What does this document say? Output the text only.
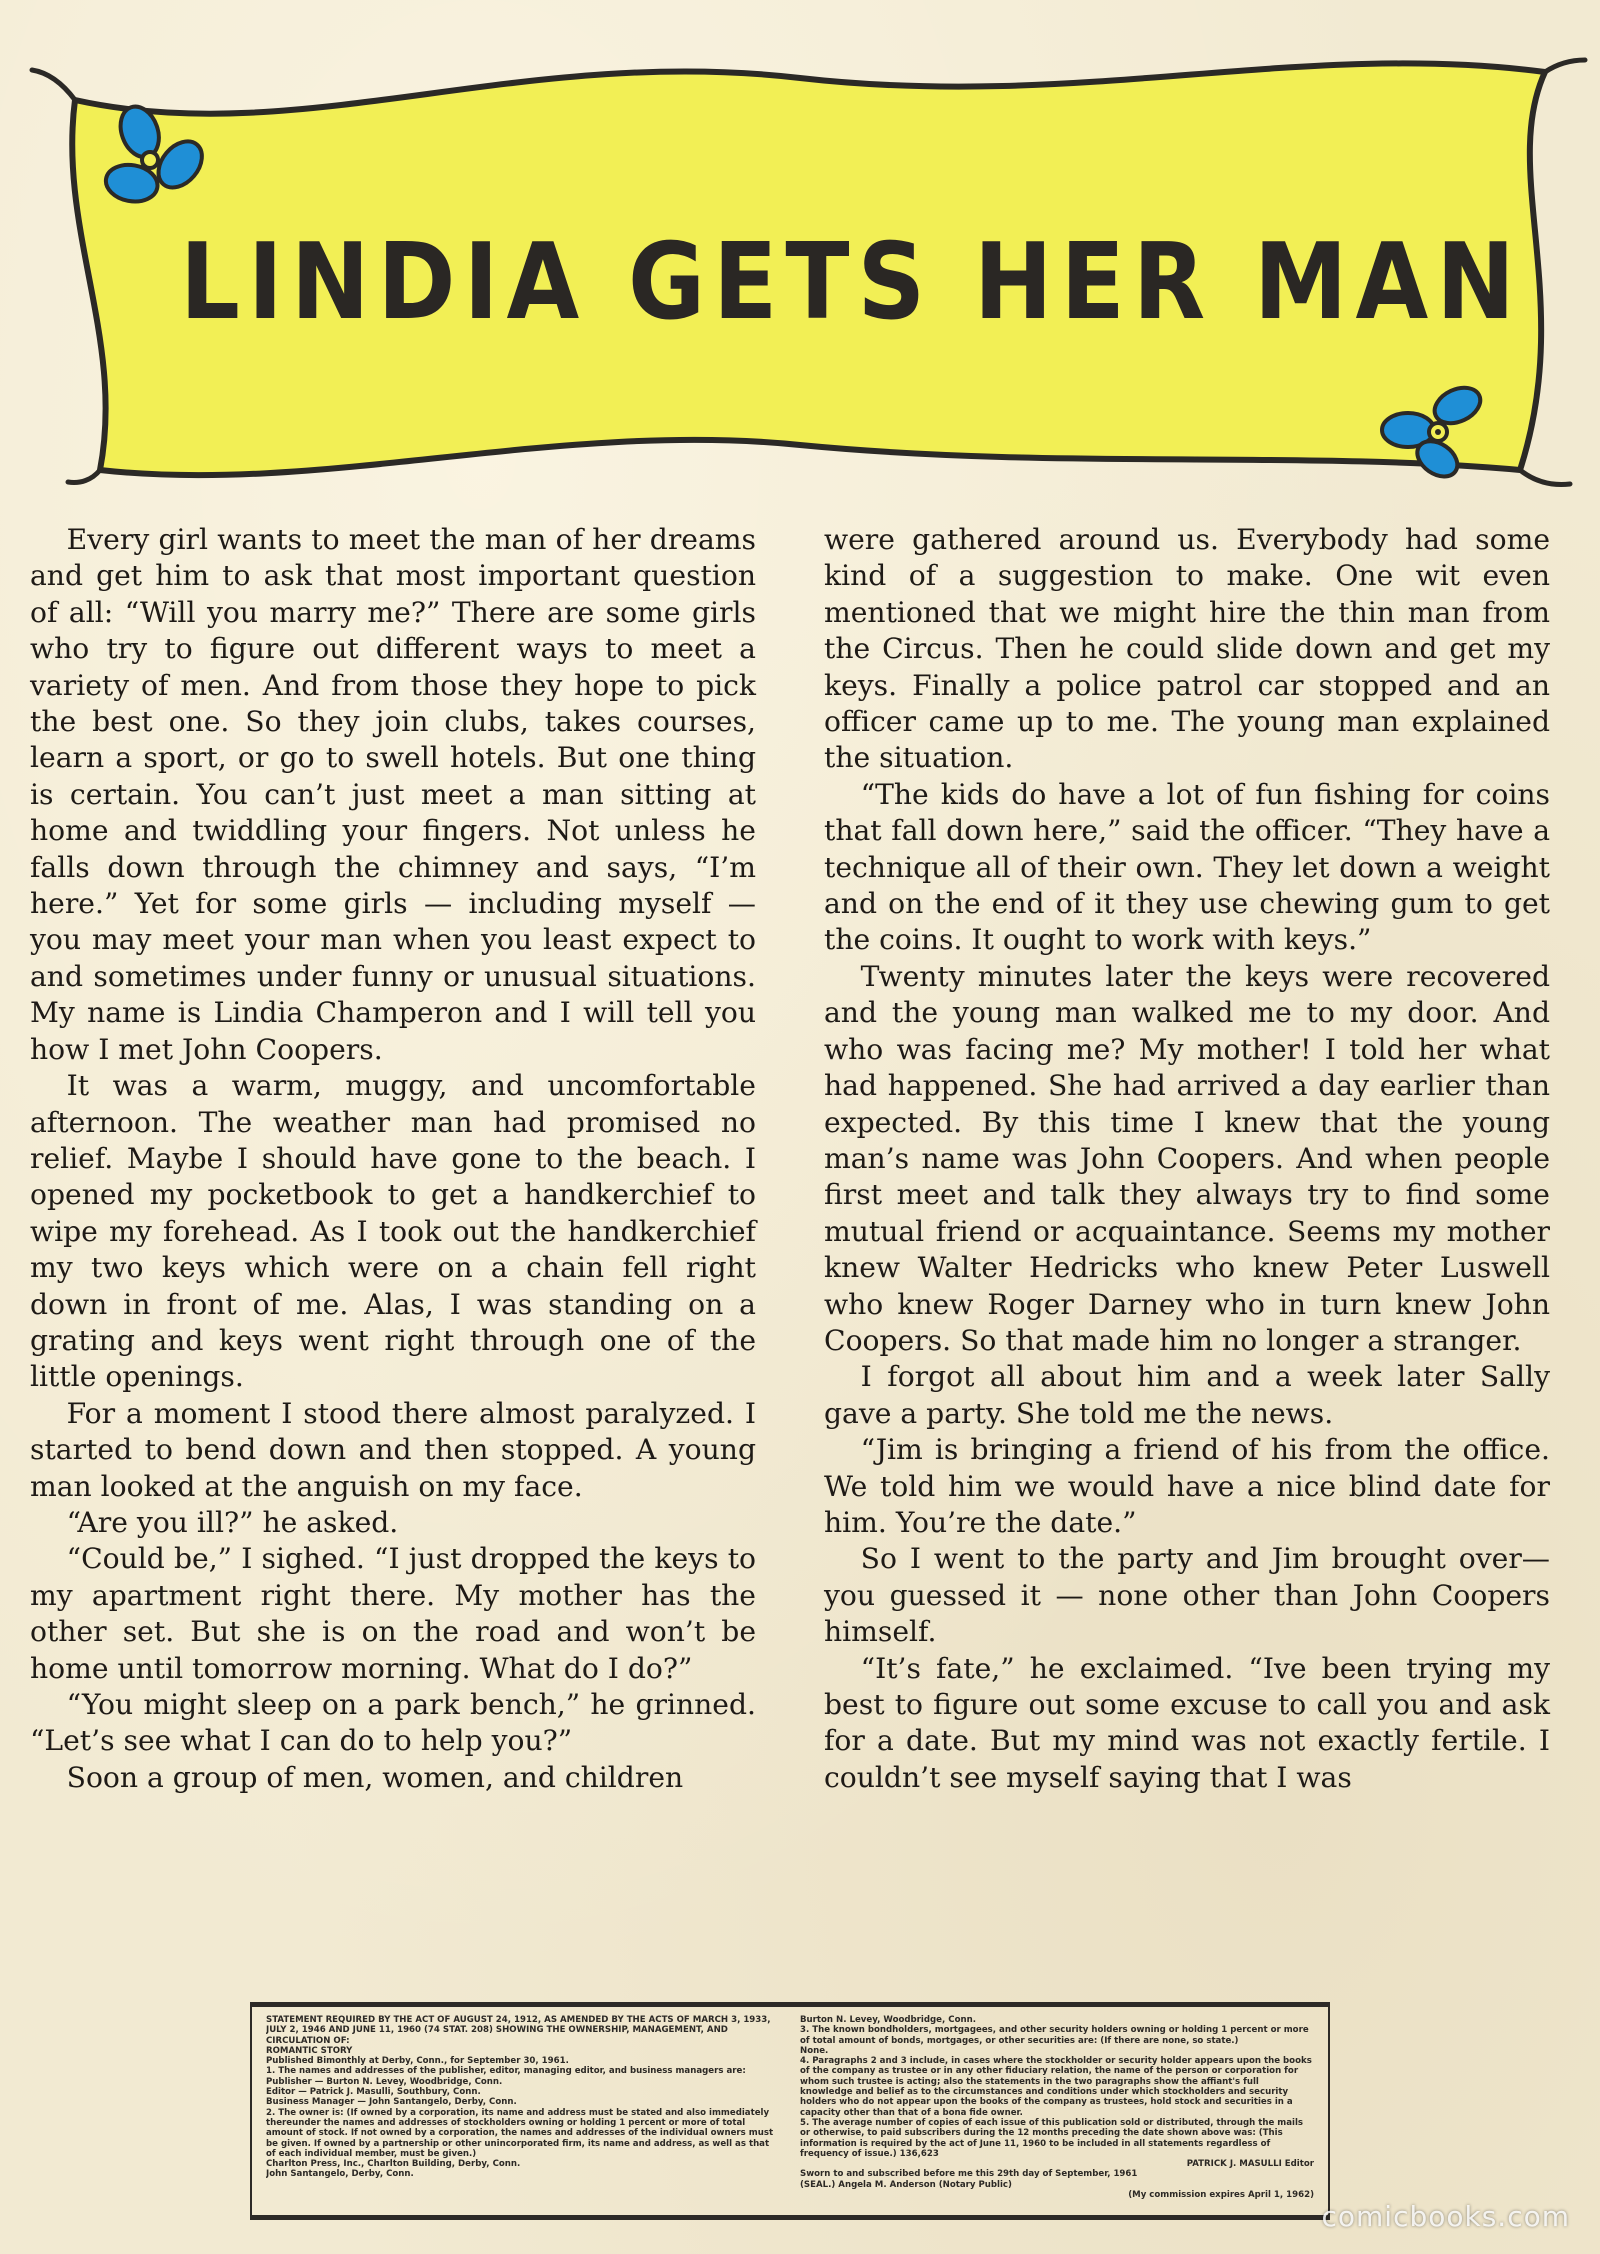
LINDIA GETS HER MAN

Every girl wants to meet the man of her dreams and get him to ask that most important question of all: “Will you marry me?” There are some girls who try to figure out different ways to meet a variety of men. And from those they hope to pick the best one. So they join clubs, takes courses, learn a sport, or go to swell hotels. But one thing is certain. You can’t just meet a man sitting at home and twiddling your fingers. Not unless he falls down through the chimney and says, “I’m here.” Yet for some girls — including myself — you may meet your man when you least expect to and sometimes under funny or unusual situations. My name is Lindia Champeron and I will tell you how I met John Coopers.

It was a warm, muggy, and uncomfortable afternoon. The weather man had promised no relief. Maybe I should have gone to the beach. I opened my pocketbook to get a handkerchief to wipe my forehead. As I took out the handkerchief my two keys which were on a chain fell right down in front of me. Alas, I was standing on a grating and keys went right through one of the little openings.

For a moment I stood there almost paralyzed. I started to bend down and then stopped. A young man looked at the anguish on my face.

“Are you ill?” he asked.

“Could be,” I sighed. “I just dropped the keys to my apartment right there. My mother has the other set. But she is on the road and won’t be home until tomorrow morning. What do I do?”

“You might sleep on a park bench,” he grinned. “Let’s see what I can do to help you?”

Soon a group of men, women, and children

were gathered around us. Everybody had some kind of a suggestion to make. One wit even mentioned that we might hire the thin man from the Circus. Then he could slide down and get my keys. Finally a police patrol car stopped and an officer came up to me. The young man explained the situation.

“The kids do have a lot of fun fishing for coins that fall down here,” said the officer. “They have a technique all of their own. They let down a weight and on the end of it they use chewing gum to get the coins. It ought to work with keys.”

Twenty minutes later the keys were recovered and the young man walked me to my door. And who was facing me? My mother! I told her what had happened. She had arrived a day earlier than expected. By this time I knew that the young man’s name was John Coopers. And when people first meet and talk they always try to find some mutual friend or acquaintance. Seems my mother knew Walter Hedricks who knew Peter Luswell who knew Roger Darney who in turn knew John Coopers. So that made him no longer a stranger.

I forgot all about him and a week later Sally gave a party. She told me the news.

“Jim is bringing a friend of his from the office. We told him we would have a nice blind date for him. You’re the date.”

So I went to the party and Jim brought over— you guessed it — none other than John Coopers himself.

“It’s fate,” he exclaimed. “Ive been trying my best to figure out some excuse to call you and ask for a date. But my mind was not exactly fertile. I couldn’t see myself saying that I was

STATEMENT REQUIRED BY THE ACT OF AUGUST 24, 1912, AS AMENDED BY THE ACTS OF MARCH 3, 1933, JULY 2, 1946 AND JUNE 11, 1960 (74 STAT. 208) SHOWING THE OWNERSHIP, MANAGEMENT, AND CIRCULATION OF:
ROMANTIC STORY
Published Bimonthly at Derby, Conn., for September 30, 1961.
1. The names and addresses of the publisher, editor, managing editor, and business managers are:
Publisher — Burton N. Levey, Woodbridge, Conn.
Editor — Patrick J. Masulli, Southbury, Conn.
Business Manager — John Santangelo, Derby, Conn.
2. The owner is: (If owned by a corporation, its name and address must be stated and also immediately thereunder the names and addresses of stockholders owning or holding 1 percent or more of total amount of stock. If not owned by a corporation, the names and addresses of the individual owners must be given. If owned by a partnership or other unincorporated firm, its name and address, as well as that of each individual member, must be given.)
Charlton Press, Inc., Charlton Building, Derby, Conn.
John Santangelo, Derby, Conn.
Burton N. Levey, Woodbridge, Conn.
3. The known bondholders, mortgagees, and other security holders owning or holding 1 percent or more of total amount of bonds, mortgages, or other securities are: (If there are none, so state.)
None.
4. Paragraphs 2 and 3 include, in cases where the stockholder or security holder appears upon the books of the company as trustee or in any other fiduciary relation, the name of the person or corporation for whom such trustee is acting; also the statements in the two paragraphs show the affiant's full knowledge and belief as to the circumstances and conditions under which stockholders and security holders who do not appear upon the books of the company as trustees, hold stock and securities in a capacity other than that of a bona fide owner.
5. The average number of copies of each issue of this publication sold or distributed, through the mails or otherwise, to paid subscribers during the 12 months preceding the date shown above was: (This information is required by the act of June 11, 1960 to be included in all statements regardless of frequency of issue.) 136,623
PATRICK J. MASULLI Editor
Sworn to and subscribed before me this 29th day of September, 1961
(SEAL.) Angela M. Anderson (Notary Public)
(My commission expires April 1, 1962)
comicbooks.com
